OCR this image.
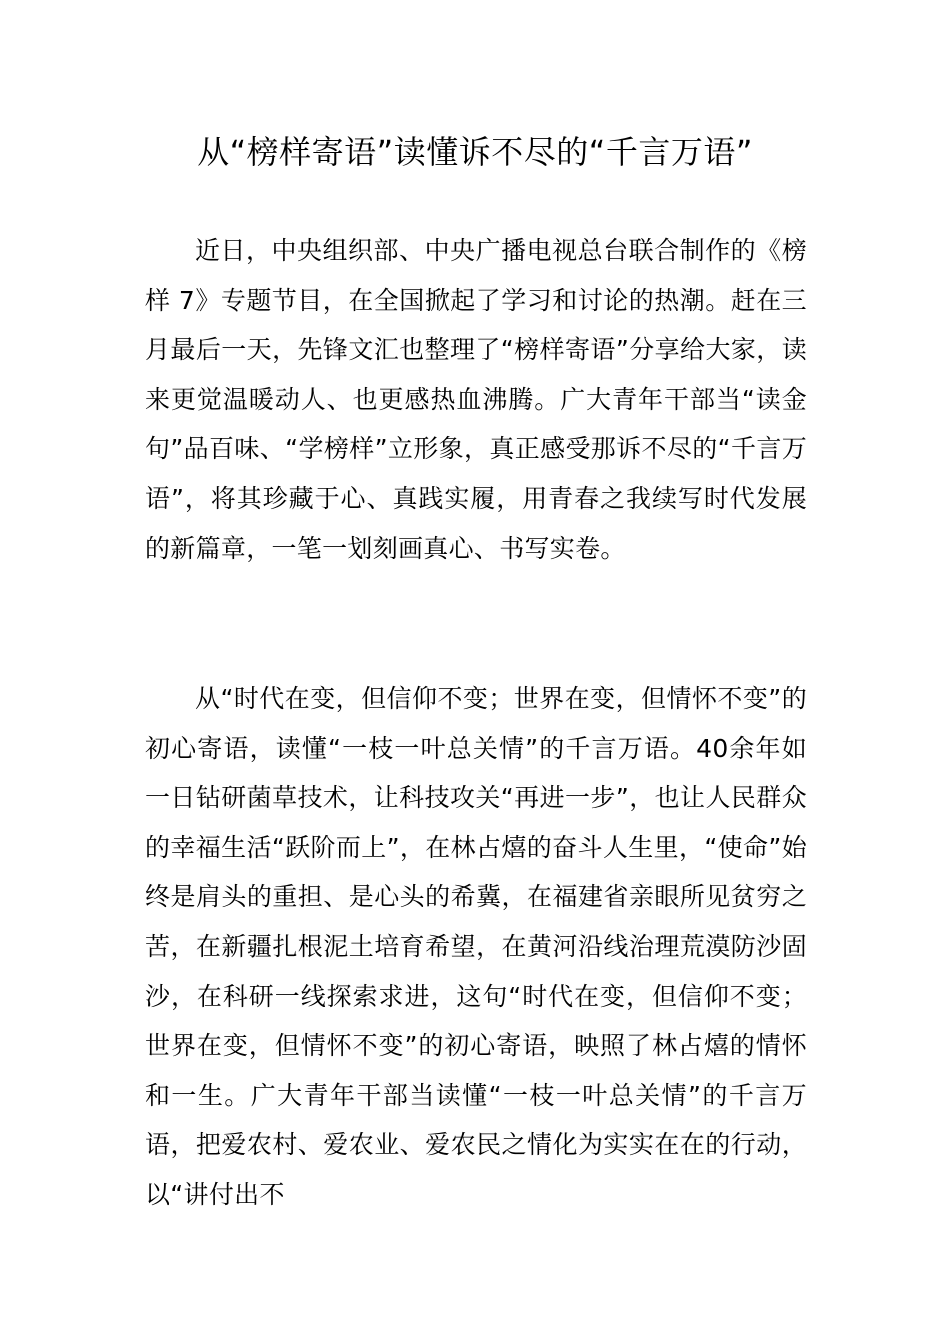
从“榜样寄语”读懂诉不尽的“千言万语”

近日，中央组织部、中央广播电视总台联合制作的《榜样 7》专题节目，在全国掀起了学习和讨论的热潮。赶在三月最后一天，先锋文汇也整理了“榜样寄语”分享给大家，读来更觉温暖动人、也更感热血沸腾。广大青年干部当“读金句”品百味、“学榜样”立形象，真正感受那诉不尽的“千言万语”，将其珍藏于心、真践实履，用青春之我续写时代发展的新篇章，一笔一划刻画真心、书写实卷。

从“时代在变，但信仰不变；世界在变，但情怀不变”的初心寄语，读懂“一枝一叶总关情”的千言万语。40余年如一日钻研菌草技术，让科技攻关“再进一步”，也让人民群众的幸福生活“跃阶而上”，在林占熺的奋斗人生里，“使命”始终是肩头的重担、是心头的希冀，在福建省亲眼所见贫穷之苦，在新疆扎根泥土培育希望，在黄河沿线治理荒漠防沙固沙，在科研一线探索求进，这句“时代在变，但信仰不变；世界在变，但情怀不变”的初心寄语，映照了林占熺的情怀和一生。广大青年干部当读懂“一枝一叶总关情”的千言万语，把爱农村、爱农业、爱农民之情化为实实在在的行动，以“讲付出不
